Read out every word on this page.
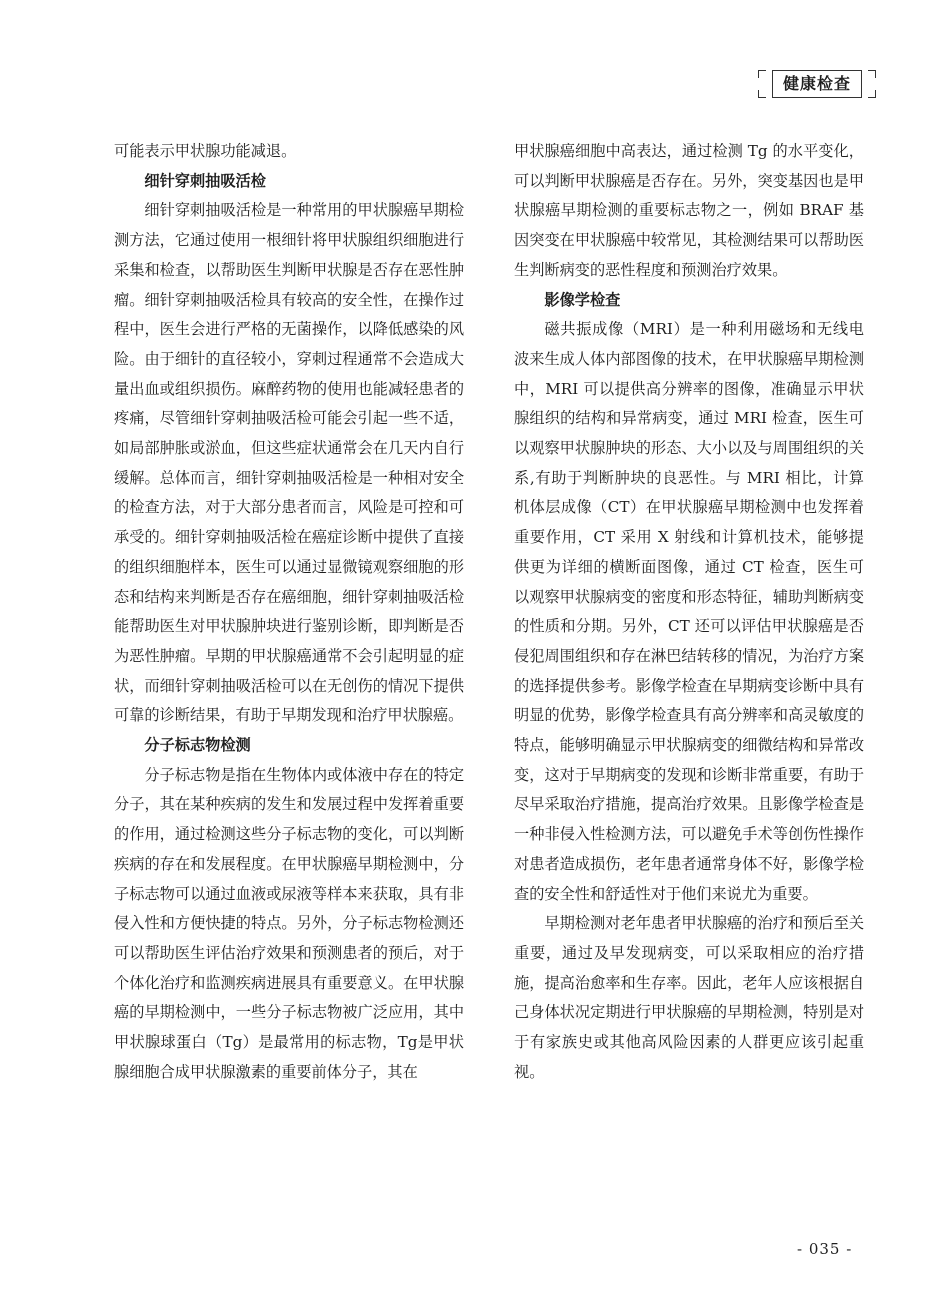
健康检查

可能表示甲状腺功能减退。

细针穿刺抽吸活检

细针穿刺抽吸活检是一种常用的甲状腺癌早期检测方法，它通过使用一根细针将甲状腺组织细胞进行采集和检查，以帮助医生判断甲状腺是否存在恶性肿瘤。细针穿刺抽吸活检具有较高的安全性，在操作过程中，医生会进行严格的无菌操作，以降低感染的风险。由于细针的直径较小，穿刺过程通常不会造成大量出血或组织损伤。麻醉药物的使用也能减轻患者的疼痛，尽管细针穿刺抽吸活检可能会引起一些不适，如局部肿胀或淤血，但这些症状通常会在几天内自行缓解。总体而言，细针穿刺抽吸活检是一种相对安全的检查方法，对于大部分患者而言，风险是可控和可承受的。细针穿刺抽吸活检在癌症诊断中提供了直接的组织细胞样本，医生可以通过显微镜观察细胞的形态和结构来判断是否存在癌细胞，细针穿刺抽吸活检能帮助医生对甲状腺肿块进行鉴别诊断，即判断是否为恶性肿瘤。早期的甲状腺癌通常不会引起明显的症状，而细针穿刺抽吸活检可以在无创伤的情况下提供可靠的诊断结果，有助于早期发现和治疗甲状腺癌。

分子标志物检测

分子标志物是指在生物体内或体液中存在的特定分子，其在某种疾病的发生和发展过程中发挥着重要的作用，通过检测这些分子标志物的变化，可以判断疾病的存在和发展程度。在甲状腺癌早期检测中，分子标志物可以通过血液或尿液等样本来获取，具有非侵入性和方便快捷的特点。另外，分子标志物检测还可以帮助医生评估治疗效果和预测患者的预后，对于个体化治疗和监测疾病进展具有重要意义。在甲状腺癌的早期检测中，一些分子标志物被广泛应用，其中甲状腺球蛋白（Tg）是最常用的标志物，Tg是甲状腺细胞合成甲状腺激素的重要前体分子，其在

甲状腺癌细胞中高表达，通过检测 Tg 的水平变化，可以判断甲状腺癌是否存在。另外，突变基因也是甲状腺癌早期检测的重要标志物之一，例如 BRAF 基因突变在甲状腺癌中较常见，其检测结果可以帮助医生判断病变的恶性程度和预测治疗效果。

影像学检查

磁共振成像（MRI）是一种利用磁场和无线电波来生成人体内部图像的技术，在甲状腺癌早期检测中，MRI 可以提供高分辨率的图像，准确显示甲状腺组织的结构和异常病变，通过 MRI 检查，医生可以观察甲状腺肿块的形态、大小以及与周围组织的关系,有助于判断肿块的良恶性。与 MRI 相比，计算机体层成像（CT）在甲状腺癌早期检测中也发挥着重要作用，CT 采用 X 射线和计算机技术，能够提供更为详细的横断面图像，通过 CT 检查，医生可以观察甲状腺病变的密度和形态特征，辅助判断病变的性质和分期。另外，CT 还可以评估甲状腺癌是否侵犯周围组织和存在淋巴结转移的情况，为治疗方案的选择提供参考。影像学检查在早期病变诊断中具有明显的优势，影像学检查具有高分辨率和高灵敏度的特点，能够明确显示甲状腺病变的细微结构和异常改变，这对于早期病变的发现和诊断非常重要，有助于尽早采取治疗措施，提高治疗效果。且影像学检查是一种非侵入性检测方法，可以避免手术等创伤性操作对患者造成损伤，老年患者通常身体不好，影像学检查的安全性和舒适性对于他们来说尤为重要。

早期检测对老年患者甲状腺癌的治疗和预后至关重要，通过及早发现病变，可以采取相应的治疗措施，提高治愈率和生存率。因此，老年人应该根据自己身体状况定期进行甲状腺癌的早期检测，特别是对于有家族史或其他高风险因素的人群更应该引起重视。

- 035 -
